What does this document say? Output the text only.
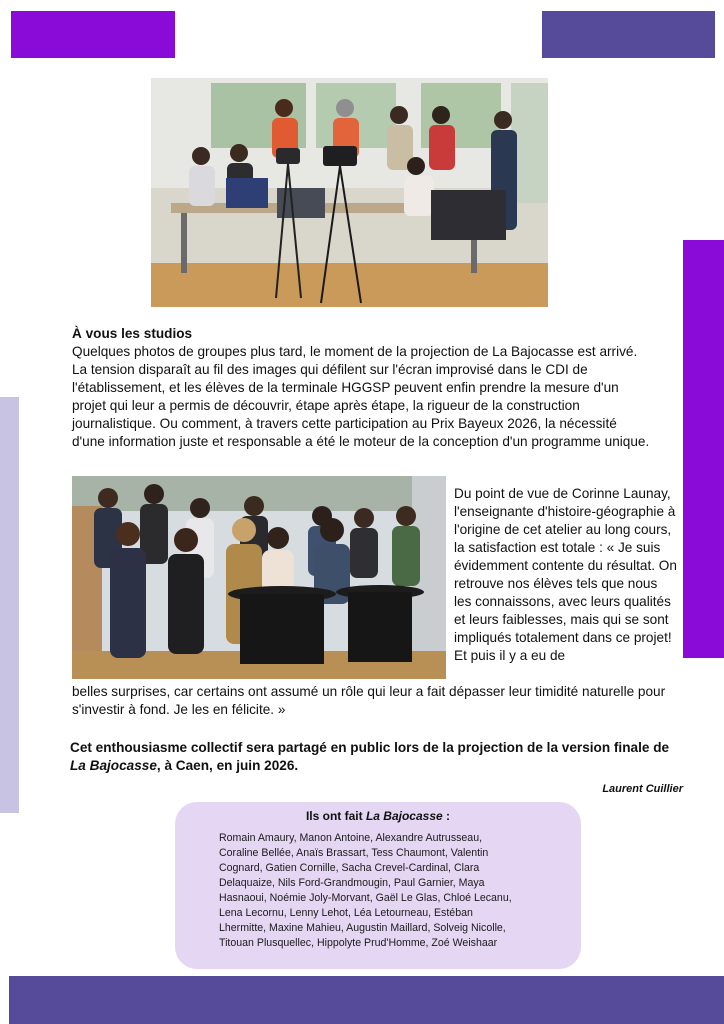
À vous les studios
Quelques photos de groupes plus tard, le moment de la projection de La Bajocasse est arrivé. La tension disparaît au fil des images qui défilent sur l'écran improvisé dans le CDI de l'établissement, et les élèves de la terminale HGGSP peuvent enfin prendre la mesure d'un projet qui leur a permis de découvrir, étape après étape, la rigueur de la construction journalistique. Ou comment, à travers cette participation au Prix Bayeux 2026, la nécessité d'une information juste et responsable a été le moteur de la conception d'un programme unique.
Du point de vue de Corinne Launay, l'enseignante d'histoire-géographie à l'origine de cet atelier au long cours, la satisfaction est totale : « Je suis évidemment contente du résultat. On retrouve nos élèves tels que nous les connaissons, avec leurs qualités et leurs faiblesses, mais qui se sont impliqués totalement dans ce projet! Et puis il y a eu de
belles surprises, car certains ont assumé un rôle qui leur a fait dépasser leur timidité naturelle pour s'investir à fond. Je les en félicite. »
Cet enthousiasme collectif sera partagé en public lors de la projection de la version finale de La Bajocasse, à Caen, en juin 2026.
Laurent Cuillier
Ils ont fait La Bajocasse :
Romain Amaury, Manon Antoine, Alexandre Autrusseau, Coraline Bellée, Anaïs Brassart, Tess Chaumont, Valentin Cognard, Gatien Cornille, Sacha Crevel-Cardinal, Clara Delaquaize, Nils Ford-Grandmougin, Paul Garnier, Maya Hasnaoui, Noémie Joly-Morvant, Gaël Le Glas, Chloé Lecanu, Lena Lecornu, Lenny Lehot, Léa Letourneau, Estéban Lhermitte, Maxine Mahieu, Augustin Maillard, Solveig Nicolle, Titouan Plusquellec, Hippolyte Prud'Homme, Zoé Weishaar
